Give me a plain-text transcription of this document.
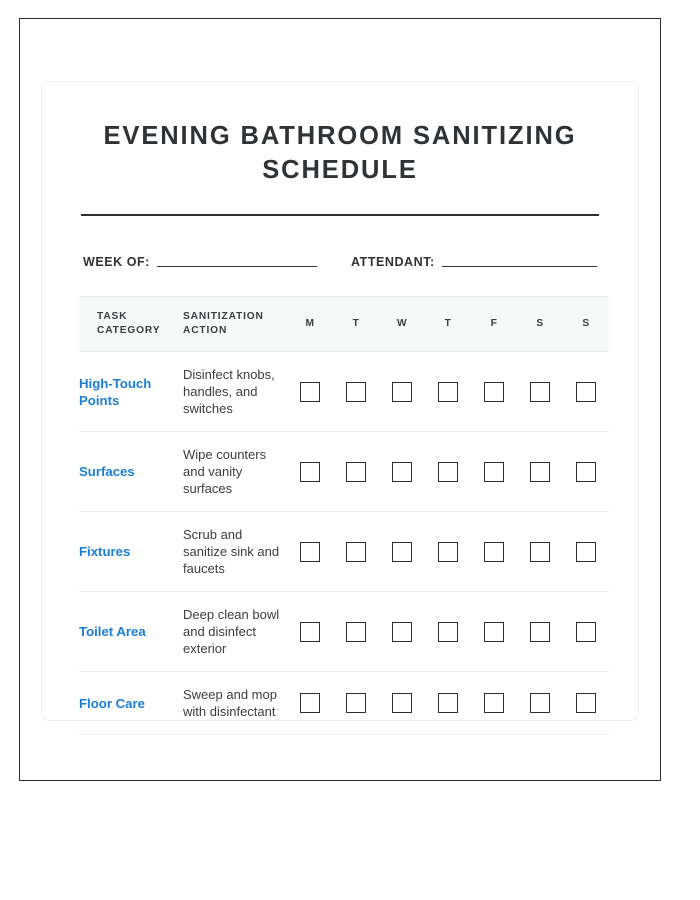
EVENING BATHROOM SANITIZING SCHEDULE
WEEK OF:	ATTENDANT:
TASK CATEGORY	SANITIZATION ACTION	M	T	W	T	F	S	S
High-Touch Points	Disinfect knobs, handles, and switches							
Surfaces	Wipe counters and vanity surfaces							
Fixtures	Scrub and sanitize sink and faucets							
Toilet Area	Deep clean bowl and disinfect exterior							
Floor Care	Sweep and mop with disinfectant							
